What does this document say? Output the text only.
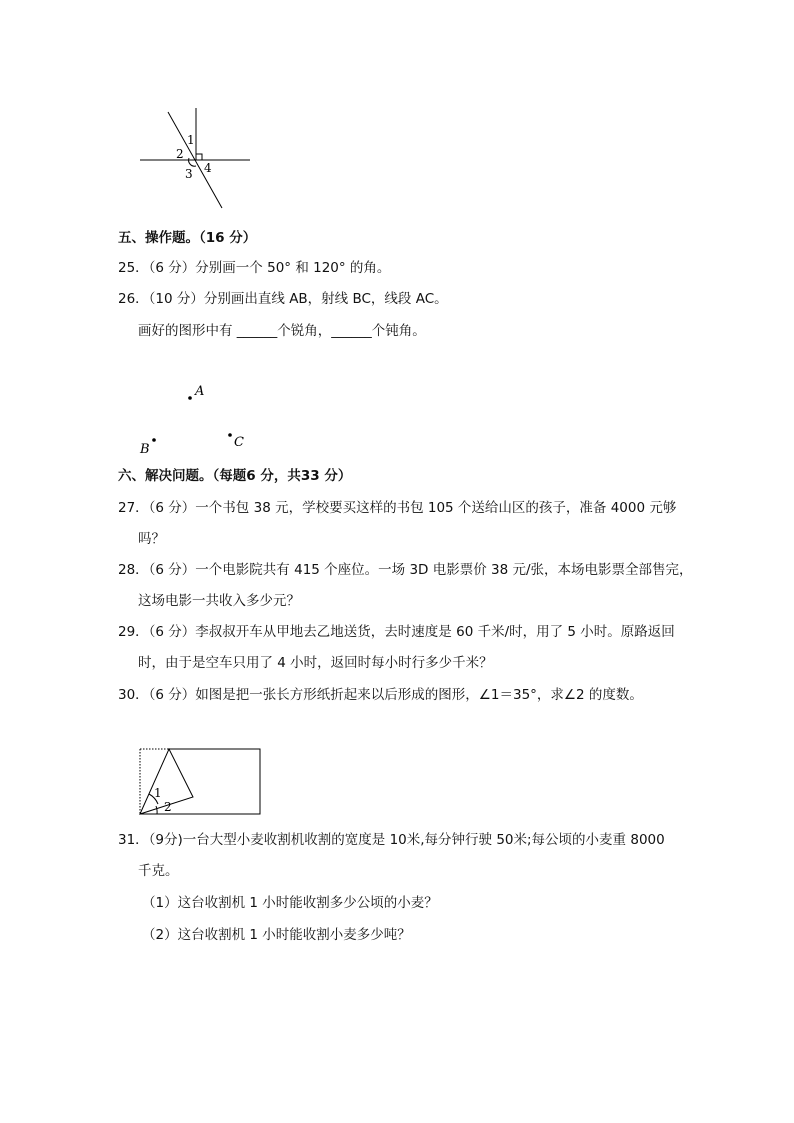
1
2
3 4
五、操作题。（16 分）
25．（6 分）分别画一个 50° 和 120° 的角。
26．（10 分）分别画出直线 AB，射线 BC，线段 AC。
画好的图形中有 ______个锐角，______个钝角。
A
B	C
六、解决问题。（每题6 分，共33 分）
27．（6 分）一个书包 38 元，学校要买这样的书包 105 个送给山区的孩子，准备 4000 元够
吗？
28．（6 分）一个电影院共有 415 个座位。一场 3D 电影票价 38 元/张，本场电影票全部售完，
这场电影一共收入多少元？
29．（6 分）李叔叔开车从甲地去乙地送货，去时速度是 60 千米/时，用了 5 小时。原路返回
时，由于是空车只用了 4 小时，返回时每小时行多少千米？
30．（6 分）如图是把一张长方形纸折起来以后形成的图形，∠1＝35°，求∠2 的度数。
1
2
31．（9分)一台大型小麦收割机收割的宽度是 10米,每分钟行驶 50米;每公顷的小麦重 8000
千克。
（1）这台收割机 1 小时能收割多少公顷的小麦？
（2）这台收割机 1 小时能收割小麦多少吨？
